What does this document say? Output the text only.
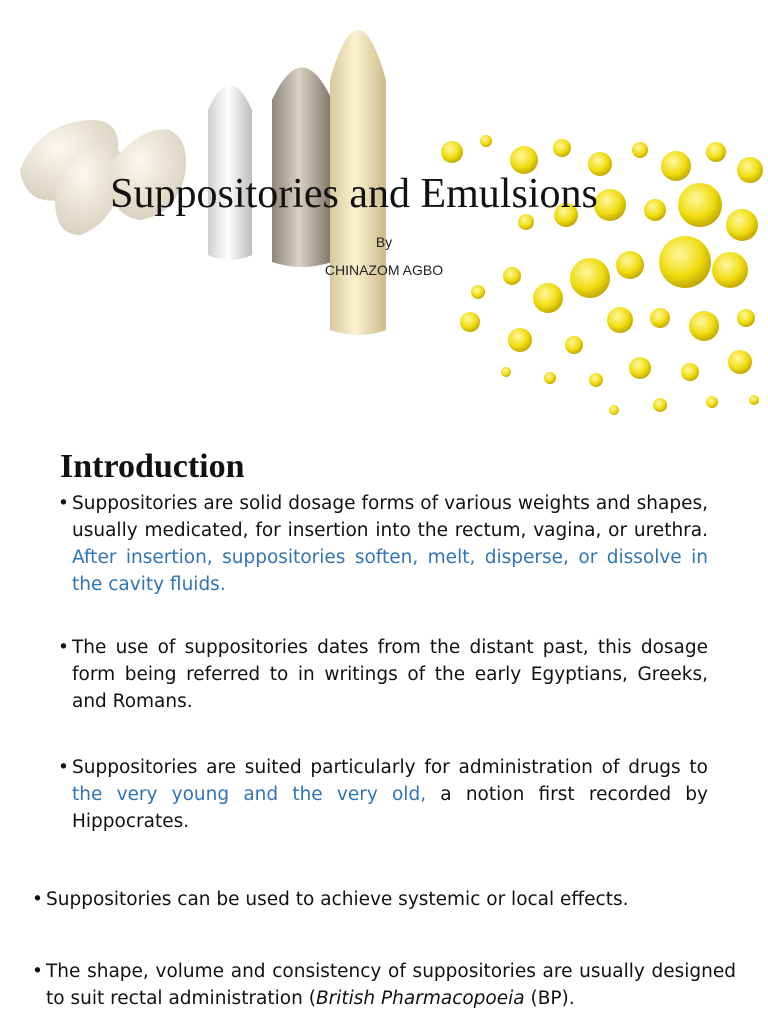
Suppositories and Emulsions
By
CHINAZOM AGBO
Introduction

• Suppositories are solid dosage forms of various weights and shapes, usually medicated, for insertion into the rectum, vagina, or urethra. After insertion, suppositories soften, melt, disperse, or dissolve in the cavity fluids.

• The use of suppositories dates from the distant past, this dosage form being referred to in writings of the early Egyptians, Greeks, and Romans.

• Suppositories are suited particularly for administration of drugs to the very young and the very old, a notion first recorded by Hippocrates.

• Suppositories can be used to achieve systemic or local effects.

• The shape, volume and consistency of suppositories are usually designed to suit rectal administration (British Pharmacopoeia (BP).
